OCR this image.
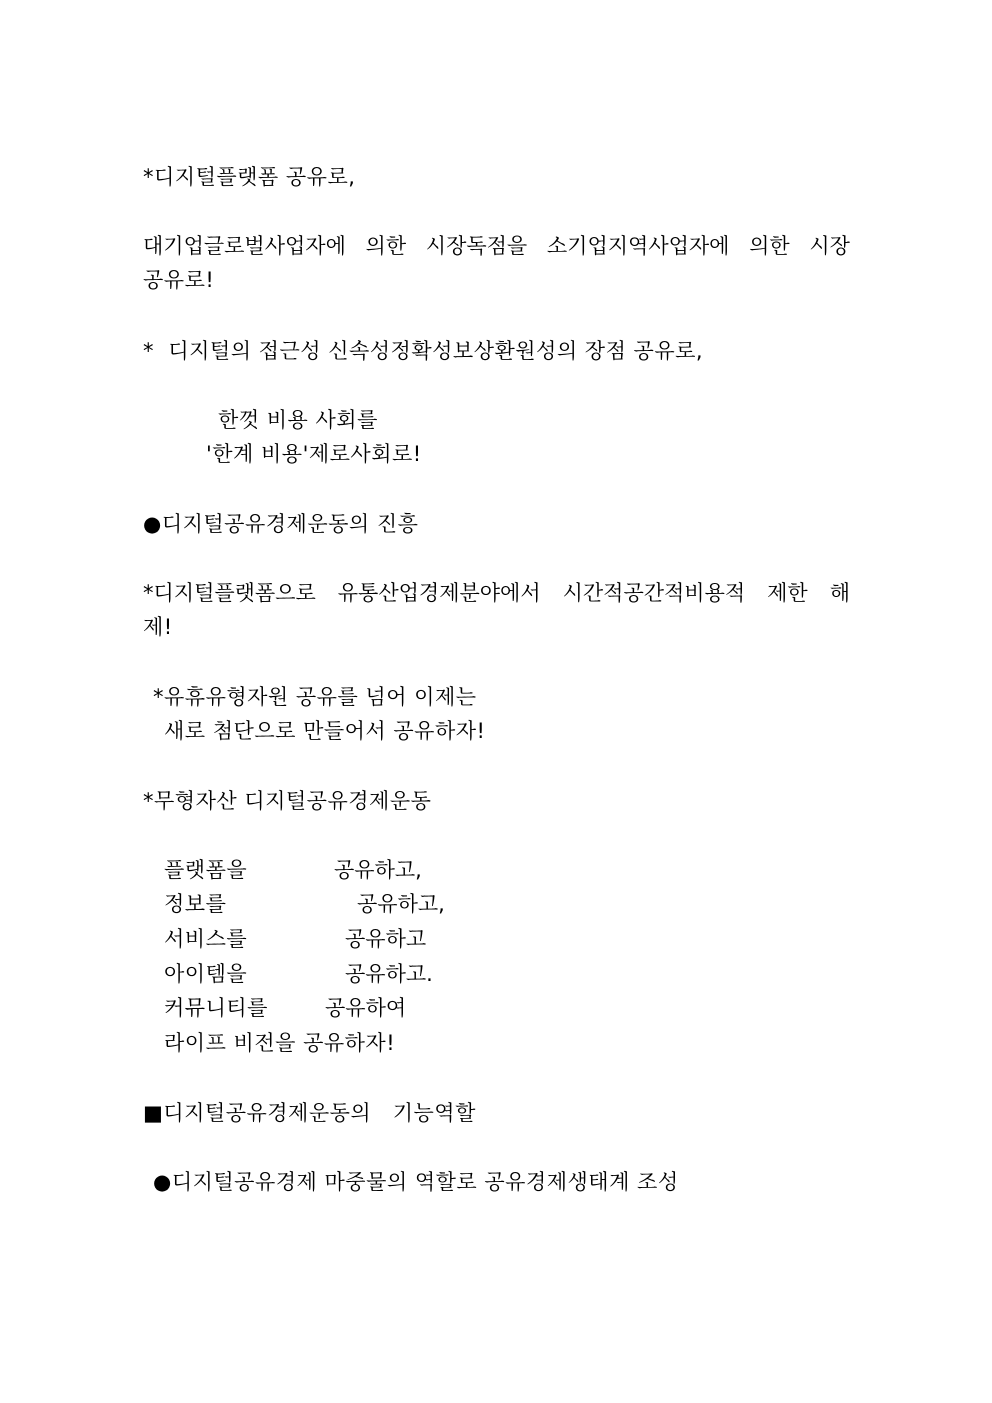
*디지털플랫폼 공유로,
대기업글로벌사업자에 의한 시장독점을 소기업지역사업자에 의한 시장
공유로!
*  디지털의 접근성 신속성정확성보상환원성의 장점 공유로,
한껏 비용 사회를
'한계 비용'제로사회로!
●디지털공유경제운동의 진흥
*디지털플랫폼으로 유통산업경제분야에서 시간적공간적비용적 제한 해
제!
*유휴유형자원 공유를 넘어 이제는
새로 첨단으로 만들어서 공유하자!
*무형자산 디지털공유경제운동
플랫폼을	공유하고,
정보를	공유하고,
서비스를	공유하고
아이템을	공유하고.
커뮤니티를	공유하여
라이프 비전을 공유하자!
■디지털공유경제운동의   기능역할
●디지털공유경제 마중물의 역할로 공유경제생태계 조성
